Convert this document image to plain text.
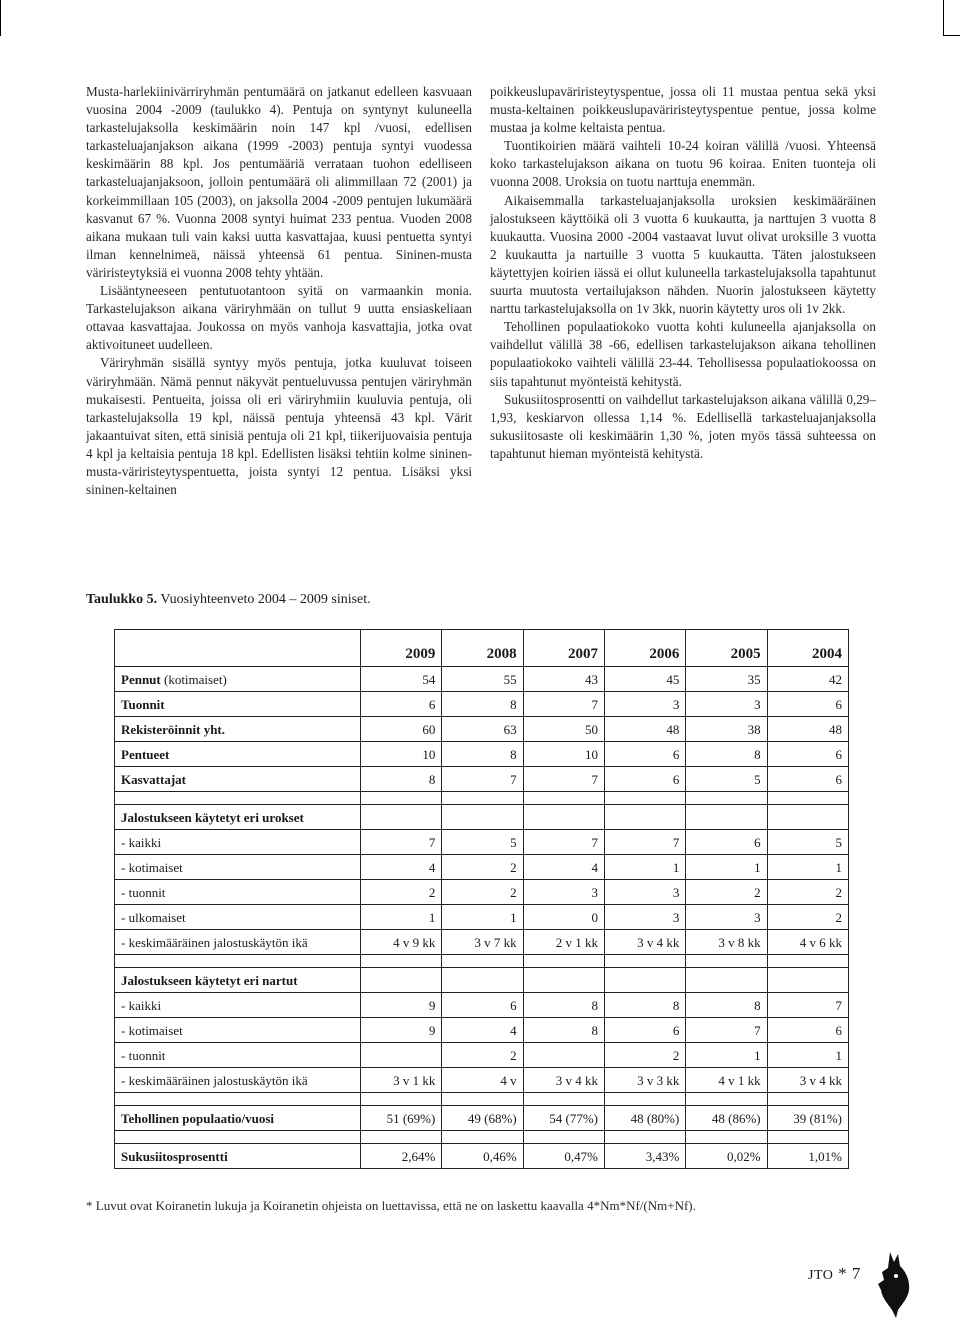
Musta-harlekiinivärriryhmän pentumäärä on jatkanut edelleen kasvuaan vuosina 2004 -2009 (taulukko 4). Pentuja on syntynyt kuluneella tarkastelujaksolla keskimäärin noin 147 kpl /vuosi, edellisen tarkasteluajanjakson aikana (1999 -2003) pentuja syntyi vuodessa keskimäärin 88 kpl. Jos pentumääriä verrataan tuohon edelliseen tarkasteluajanjaksoon, jolloin pentumäärä oli alimmillaan 72 (2001) ja korkeimmillaan 105 (2003), on jaksolla 2004 -2009 pentujen lukumäärä kasvanut 67 %. Vuonna 2008 syntyi huimat 233 pentua. Vuoden 2008 aikana mukaan tuli vain kaksi uutta kasvattajaa, kuusi pentuetta syntyi ilman kennelnimeä, näissä yhteensä 61 pentua. Sininen-musta väriristeytyksiä ei vuonna 2008 tehty yhtään.

Lisääntyneeseen pentutuotantoon syitä on varmaankin monia. Tarkastelujakson aikana väriryhmään on tullut 9 uutta ensiaskeliaan ottavaa kasvattajaa. Joukossa on myös vanhoja kasvattajia, jotka ovat aktivoituneet uudelleen.

Väriryhmän sisällä syntyy myös pentuja, jotka kuuluvat toiseen väriryhmään. Nämä pennut näkyvät pentueluvussa pentujen väriryhmän mukaisesti. Pentueita, joissa oli eri väriryhmiin kuuluvia pentuja, oli tarkastelujaksolla 19 kpl, näissä pentuja yhteensä 43 kpl. Värit jakaantuivat siten, että sinisiä pentuja oli 21 kpl, tiikerijuovaisia pentuja 4 kpl ja keltaisia pentuja 18 kpl. Edellisten lisäksi tehtiin kolme sininen-musta-väriristeytyspentuetta, joista syntyi 12 pentua. Lisäksi yksi sininen-keltainen

poikkeuslupaväriristeytyspentue, jossa oli 11 mustaa pentua sekä yksi musta-keltainen poikkeuslupaväriristeytyspentue pentue, jossa kolme mustaa ja kolme keltaista pentua.

Tuontikoirien määrä vaihteli 10-24 koiran välillä /vuosi. Yhteensä koko tarkastelujakson aikana on tuotu 96 koiraa. Eniten tuonteja oli vuonna 2008. Uroksia on tuotu narttuja enemmän.

Aikaisemmalla tarkasteluajanjaksolla uroksien keskimääräinen jalostukseen käyttöikä oli 3 vuotta 6 kuukautta, ja narttujen 3 vuotta 8 kuukautta. Vuosina 2000 -2004 vastaavat luvut olivat uroksille 3 vuotta 2 kuukautta ja nartuille 3 vuotta 5 kuukautta. Täten jalostukseen käytettyjen koirien iässä ei ollut kuluneella tarkastelujaksolla tapahtunut suurta muutosta vertailujakson nähden. Nuorin jalostukseen käytetty narttu tarkastelujaksolla on 1v 3kk, nuorin käytetty uros oli 1v 2kk.

Tehollinen populaatiokoko vuotta kohti kuluneella ajanjaksolla on vaihdellut välillä 38 -66, edellisen tarkastelujakson aikana tehollinen populaatiokoko vaihteli välillä 23-44. Tehollisessa populaatiokoossa on siis tapahtunut myönteistä kehitystä.

Sukusiitosprosentti on vaihdellut tarkastelujakson aikana välillä 0,29–1,93, keskiarvon ollessa 1,14 %. Edellisellä tarkasteluajanjaksolla sukusiitosaste oli keskimäärin 1,30 %, joten myös tässä suhteessa on tapahtunut hieman myönteistä kehitystä.

Taulukko 5. Vuosiyhteenveto 2004 – 2009 siniset.
	2009	2008	2007	2006	2005	2004
Pennut (kotimaiset)	54	55	43	45	35	42
Tuonnit	6	8	7	3	3	6
Rekisteröinnit yht.	60	63	50	48	38	48
Pentueet	10	8	10	6	8	6
Kasvattajat	8	7	7	6	5	6

Jalostukseen käytetyt eri urokset						
- kaikki	7	5	7	7	6	5
- kotimaiset	4	2	4	1	1	1
- tuonnit	2	2	3	3	2	2
- ulkomaiset	1	1	0	3	3	2
- keskimääräinen jalostuskäytön ikä	4 v 9 kk	3 v 7 kk	2 v 1 kk	3 v 4 kk	3 v 8 kk	4 v 6 kk

Jalostukseen käytetyt eri nartut						
- kaikki	9	6	8	8	8	7
- kotimaiset	9	4	8	6	7	6
- tuonnit		2		2	1	1
- keskimääräinen jalostuskäytön ikä	3 v 1 kk	4 v	3 v 4 kk	3 v 3 kk	4 v 1 kk	3 v 4 kk

Tehollinen populaatio/vuosi	51 (69%)	49 (68%)	54 (77%)	48 (80%)	48 (86%)	39 (81%)

Sukusiitosprosentti	2,64%	0,46%	0,47%	3,43%	0,02%	1,01%
* Luvut ovat Koiranetin lukuja ja Koiranetin ohjeista on luettavissa, että ne on laskettu kaavalla 4*Nm*Nf/(Nm+Nf).
JTO * 7
